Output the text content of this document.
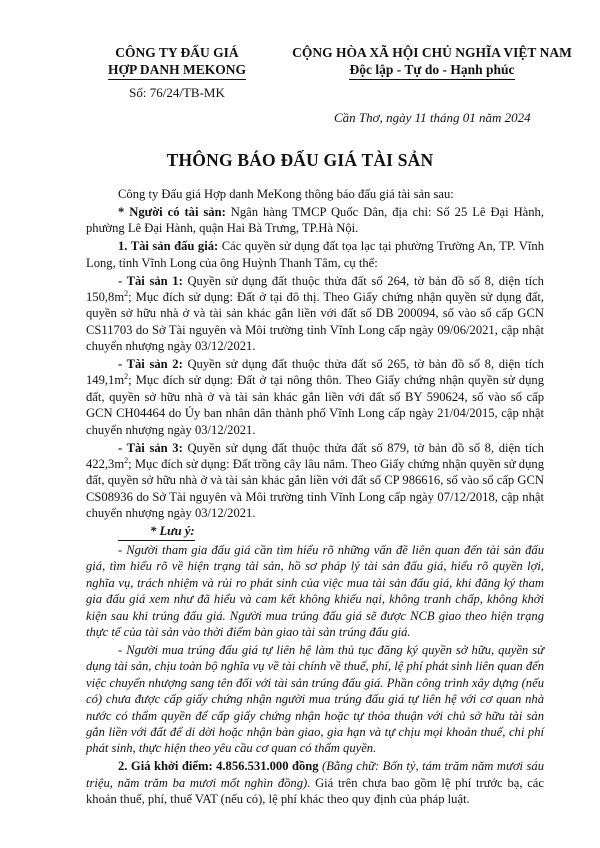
CÔNG TY ĐẤU GIÁ
HỢP DANH MEKONG
Số: 76/24/TB-MK
CỘNG HÒA XÃ HỘI CHỦ NGHĨA VIỆT NAM
Độc lập - Tự do - Hạnh phúc
Cần Thơ, ngày 11 tháng 01 năm 2024
THÔNG BÁO ĐẤU GIÁ TÀI SẢN

Công ty Đấu giá Hợp danh MeKong thông báo đấu giá tài sản sau:

* Người có tài sản: Ngân hàng TMCP Quốc Dân, địa chỉ: Số 25 Lê Đại Hành, phường Lê Đại Hành, quận Hai Bà Trưng, TP.Hà Nội.

1. Tài sản đấu giá: Các quyền sử dụng đất tọa lạc tại phường Trường An, TP. Vĩnh Long, tỉnh Vĩnh Long của ông Huỳnh Thanh Tâm, cụ thể:

- Tài sản 1: Quyền sử dụng đất thuộc thửa đất số 264, tờ bản đồ số 8, diện tích $150,8m^2$; Mục đích sử dụng: Đất ở tại đô thị. Theo Giấy chứng nhận quyền sử dụng đất, quyền sở hữu nhà ở và tài sản khác gắn liền với đất số DB 200094, số vào sổ cấp GCN CS11703 do Sở Tài nguyên và Môi trường tỉnh Vĩnh Long cấp ngày 09/06/2021, cập nhật chuyển nhượng ngày 03/12/2021.

- Tài sản 2: Quyền sử dụng đất thuộc thửa đất số 265, tờ bản đồ số 8, diện tích $149,1m^2$; Mục đích sử dụng: Đất ở tại nông thôn. Theo Giấy chứng nhận quyền sử dụng đất, quyền sở hữu nhà ở và tài sản khác gắn liền với đất số BY 590624, số vào sổ cấp GCN CH04464 do Ủy ban nhân dân thành phố Vĩnh Long cấp ngày 21/04/2015, cập nhật chuyển nhượng ngày 03/12/2021.

- Tài sản 3: Quyền sử dụng đất thuộc thửa đất số 879, tờ bản đồ số 8, diện tích $422,3m^2$; Mục đích sử dụng: Đất trồng cây lâu năm. Theo Giấy chứng nhận quyền sử dụng đất, quyền sở hữu nhà ở và tài sản khác gắn liền với đất số CP 986616, số vào sổ cấp GCN CS08936 do Sở Tài nguyên và Môi trường tỉnh Vĩnh Long cấp ngày 07/12/2018, cập nhật chuyển nhượng ngày 03/12/2021.

* Lưu ý:

- Người tham gia đấu giá cần tìm hiểu rõ những vấn đề liên quan đến tài sản đấu giá, tìm hiểu rõ về hiện trạng tài sản, hồ sơ pháp lý tài sản đấu giá, hiểu rõ quyền lợi, nghĩa vụ, trách nhiệm và rủi ro phát sinh của việc mua tài sản đấu giá, khi đăng ký tham gia đấu giá xem như đã hiểu và cam kết không khiếu nại, không tranh chấp, không khởi kiện sau khi trúng đấu giá. Người mua trúng đấu giá sẽ được NCB giao theo hiện trạng thực tế của tài sản vào thời điểm bàn giao tài sản trúng đấu giá.

- Người mua trúng đấu giá tự liên hệ làm thủ tục đăng ký quyền sở hữu, quyền sử dụng tài sản, chịu toàn bộ nghĩa vụ về tài chính về thuế, phí, lệ phí phát sinh liên quan đến việc chuyển nhượng sang tên đối với tài sản trúng đấu giá. Phần công trình xây dựng (nếu có) chưa được cấp giấy chứng nhận người mua trúng đấu giá tự liên hệ với cơ quan nhà nước có thẩm quyền để cấp giấy chứng nhận hoặc tự thỏa thuận với chủ sở hữu tài sản gắn liền với đất để di dời hoặc nhận bàn giao, gia hạn và tự chịu mọi khoản thuế, chi phí phát sinh, thực hiện theo yêu cầu cơ quan có thẩm quyền.

2. Giá khởi điểm: 4.856.531.000 đồng (Bằng chữ: Bốn tỷ, tám trăm năm mươi sáu triệu, năm trăm ba mươi mốt nghìn đồng). Giá trên chưa bao gồm lệ phí trước bạ, các khoản thuế, phí, thuế VAT (nếu có), lệ phí khác theo quy định của pháp luật.
